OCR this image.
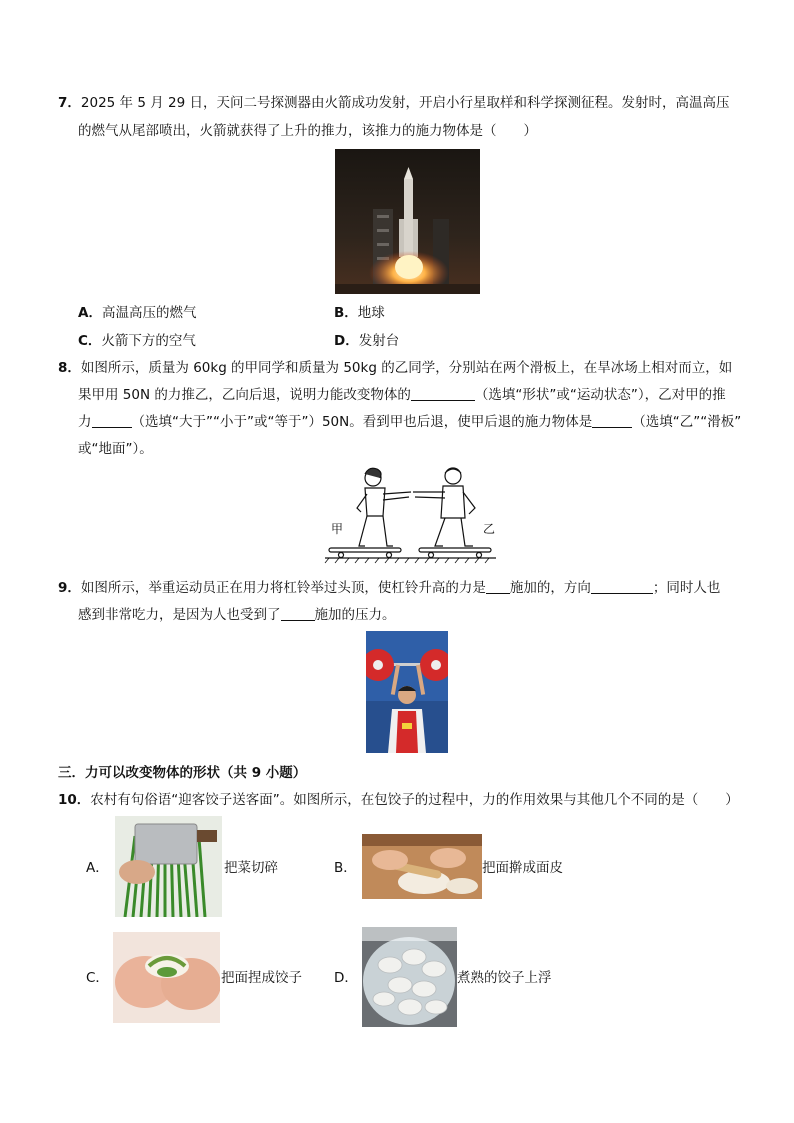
7．2025 年 5 月 29 日，天问二号探测器由火箭成功发射，开启小行星取样和科学探测征程。发射时，高温高压
的燃气从尾部喷出，火箭就获得了上升的推力，该推力的施力物体是（　　）
A．高温高压的燃气	B．地球
C．火箭下方的空气	D．发射台
8．如图所示，质量为 60kg 的甲同学和质量为 50kg 的乙同学，分别站在两个滑板上，在旱冰场上相对而立，如
果甲用 50N 的力推乙，乙向后退，说明力能改变物体的	（选填“形状”或“运动状态”），乙对甲的推
力	（选填“大于”“小于”或“等于”）50N。看到甲也后退，使甲后退的施力物体是	（选填“乙”“滑板”
或“地面”）。
甲	乙
9．如图所示，举重运动员正在用力将杠铃举过头顶，使杠铃升高的力是 施加的，方向	；同时人也
感到非常吃力，是因为人也受到了	施加的压力。
三．力可以改变物体的形状（共 9 小题）
10．农村有句俗语“迎客饺子送客面”。如图所示，在包饺子的过程中，力的作用效果与其他几个不同的是（　　）
A．	把菜切碎	B．	把面擀成面皮
C．	把面捏成饺子 D．	煮熟的饺子上浮
